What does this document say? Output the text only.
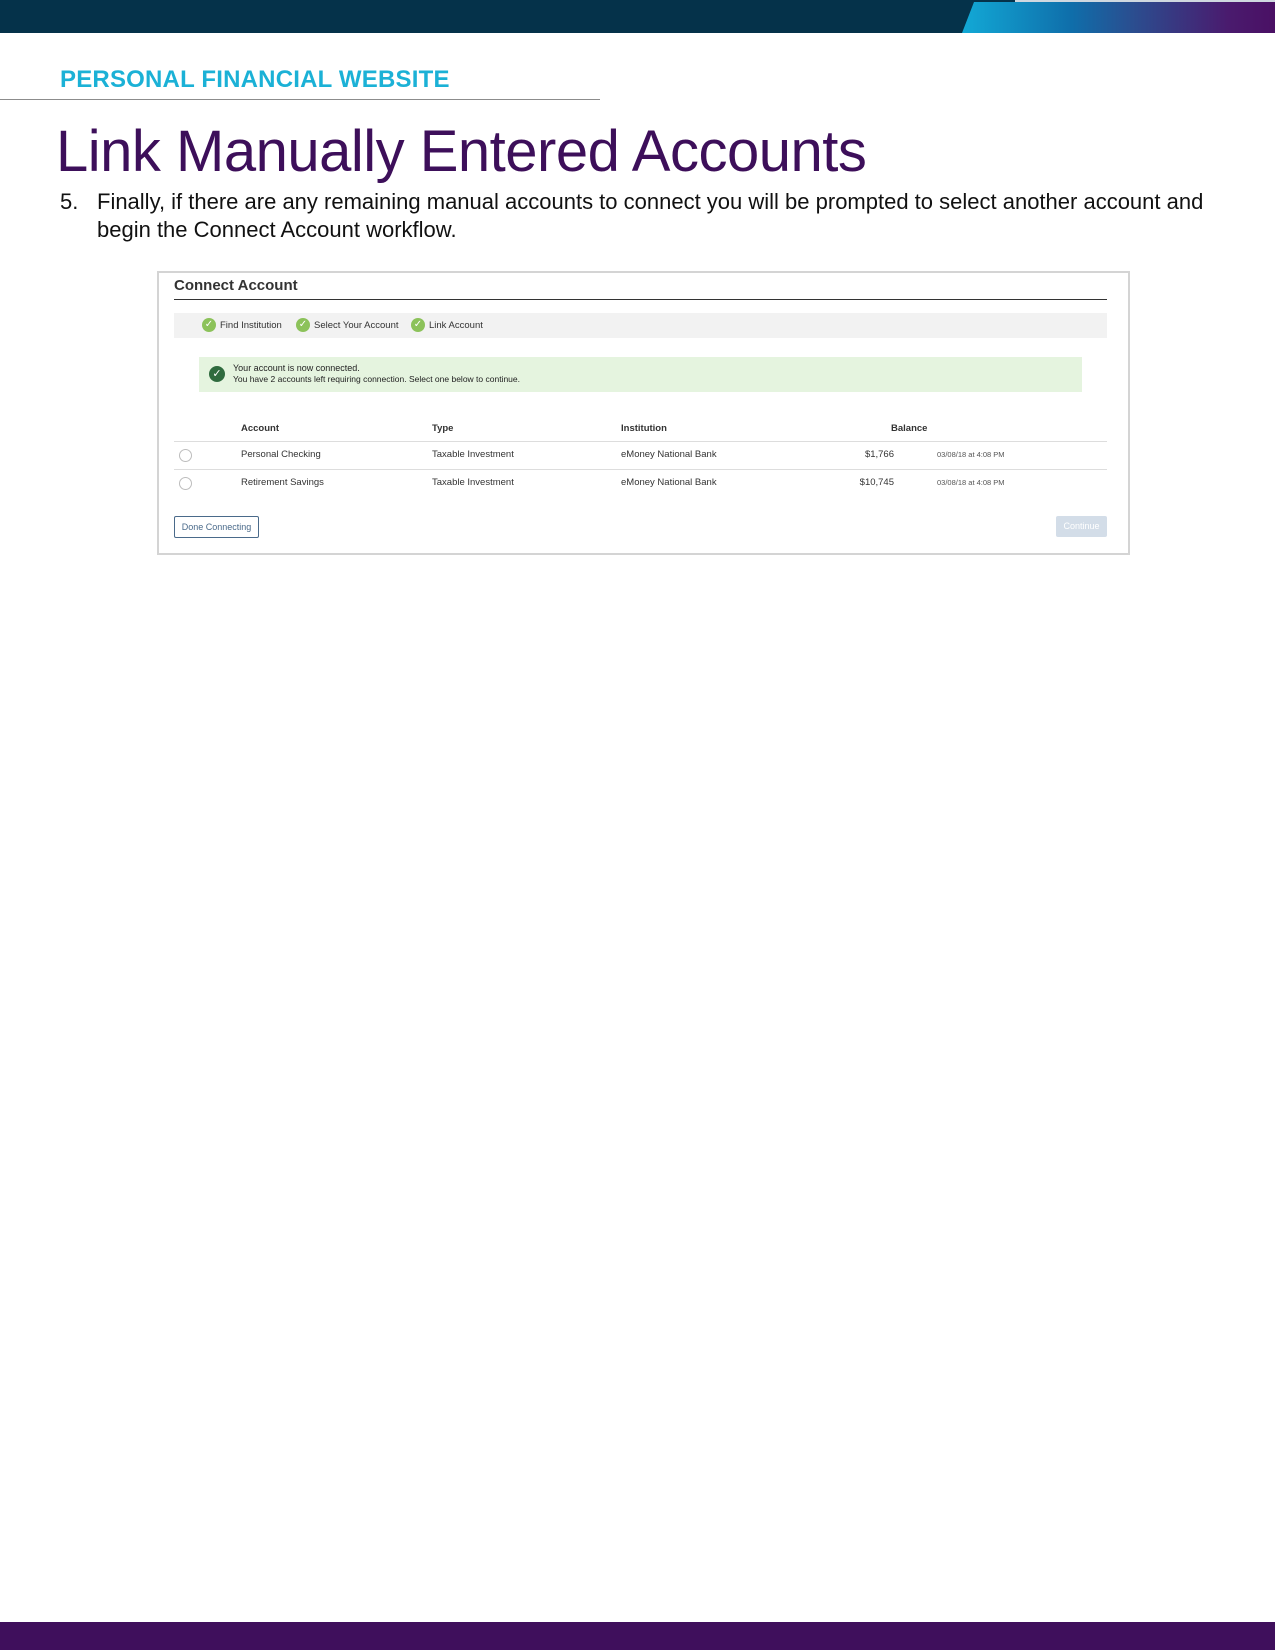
PERSONAL FINANCIAL WEBSITE
Link Manually Entered Accounts
5. Finally, if there are any remaining manual accounts to connect you will be prompted to select another account and begin the Connect Account workflow.
Connect Account
✓ Find Institution ✓ Select Your Account ✓ Link Account
✓	Your account is now connected.
You have 2 accounts left requiring connection. Select one below to continue.
Account	Type	Institution	Balance
Personal Checking	Taxable Investment	eMoney National Bank	$1,766	03/08/18 at 4:08 PM
Retirement Savings	Taxable Investment	eMoney National Bank	$10,745	03/08/18 at 4:08 PM
Done Connecting	Continue
